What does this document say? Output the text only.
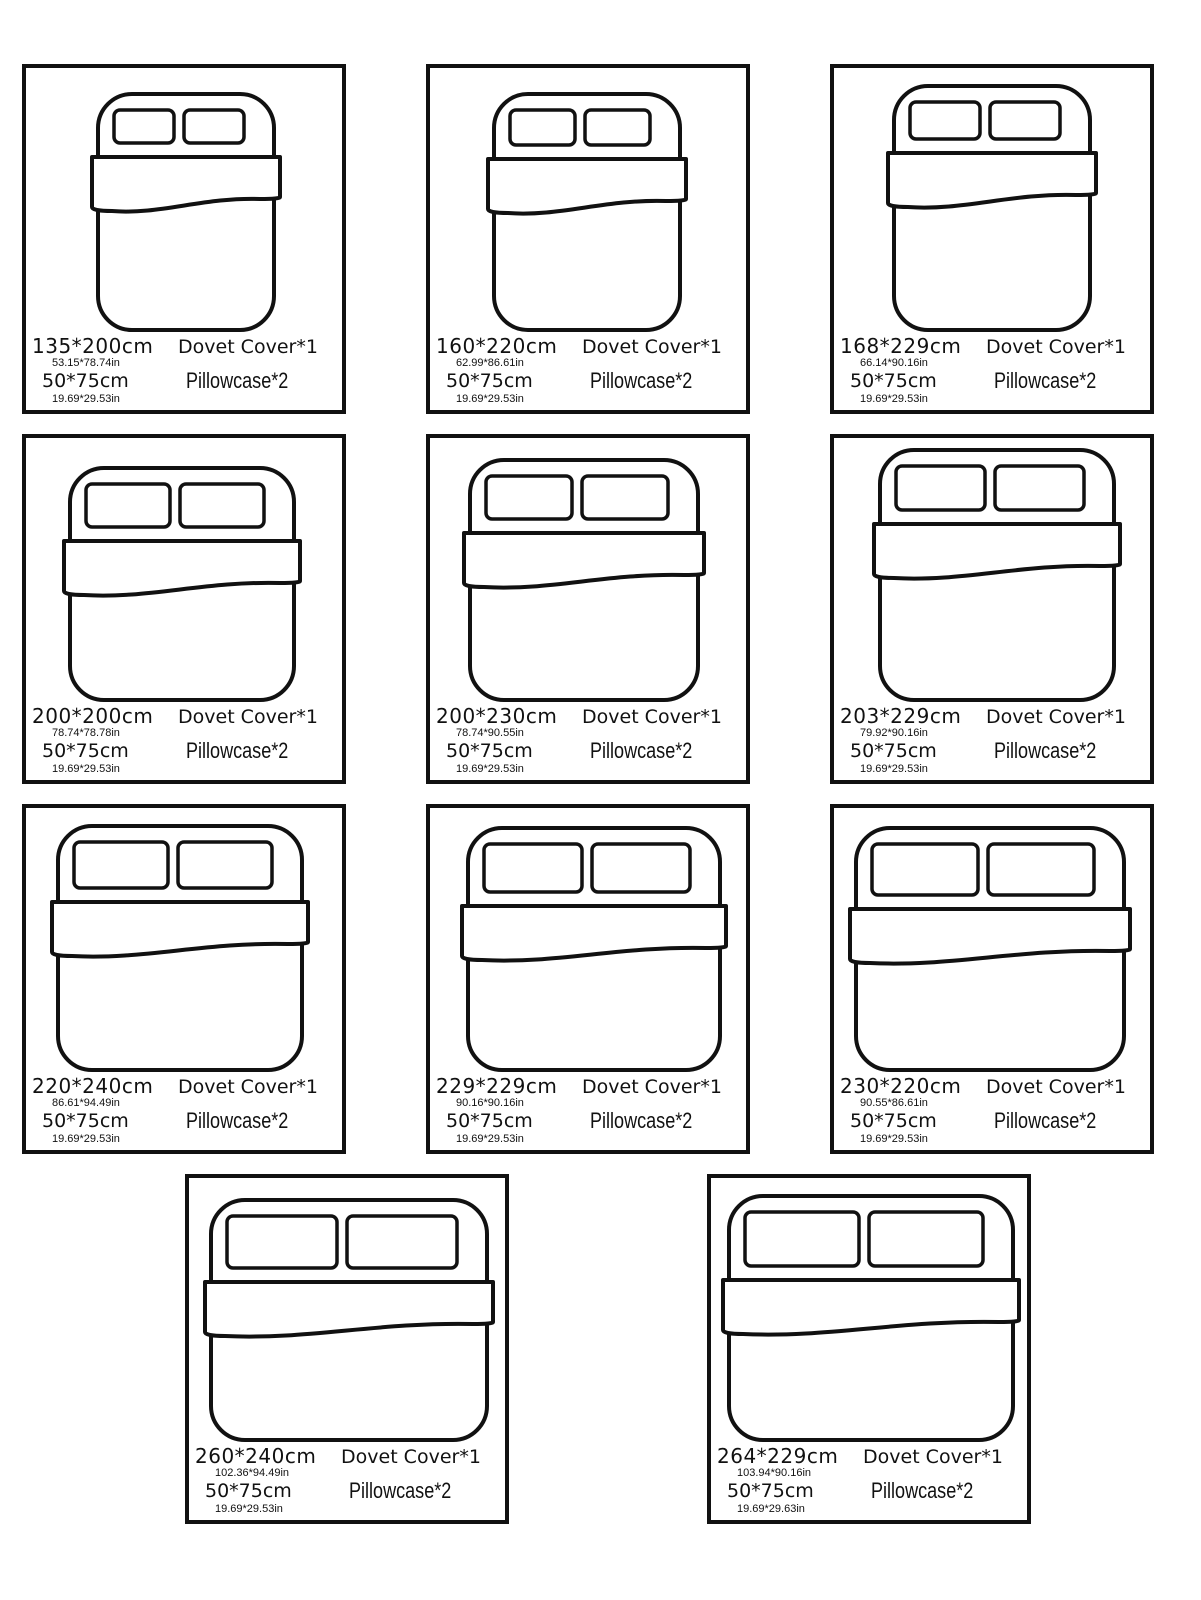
135*200cm
53.15*78.74in
50*75cm
19.69*29.53in
Dovet Cover*1
Pillowcase*2
160*220cm
62.99*86.61in
50*75cm
19.69*29.53in
Dovet Cover*1
Pillowcase*2
168*229cm
66.14*90.16in
50*75cm
19.69*29.53in
Dovet Cover*1
Pillowcase*2
200*200cm
78.74*78.78in
50*75cm
19.69*29.53in
Dovet Cover*1
Pillowcase*2
200*230cm
78.74*90.55in
50*75cm
19.69*29.53in
Dovet Cover*1
Pillowcase*2
203*229cm
79.92*90.16in
50*75cm
19.69*29.53in
Dovet Cover*1
Pillowcase*2
220*240cm
86.61*94.49in
50*75cm
19.69*29.53in
Dovet Cover*1
Pillowcase*2
229*229cm
90.16*90.16in
50*75cm
19.69*29.53in
Dovet Cover*1
Pillowcase*2
230*220cm
90.55*86.61in
50*75cm
19.69*29.53in
Dovet Cover*1
Pillowcase*2
260*240cm
102.36*94.49in
50*75cm
19.69*29.53in
Dovet Cover*1
Pillowcase*2
264*229cm
103.94*90.16in
50*75cm
19.69*29.63in
Dovet Cover*1
Pillowcase*2
